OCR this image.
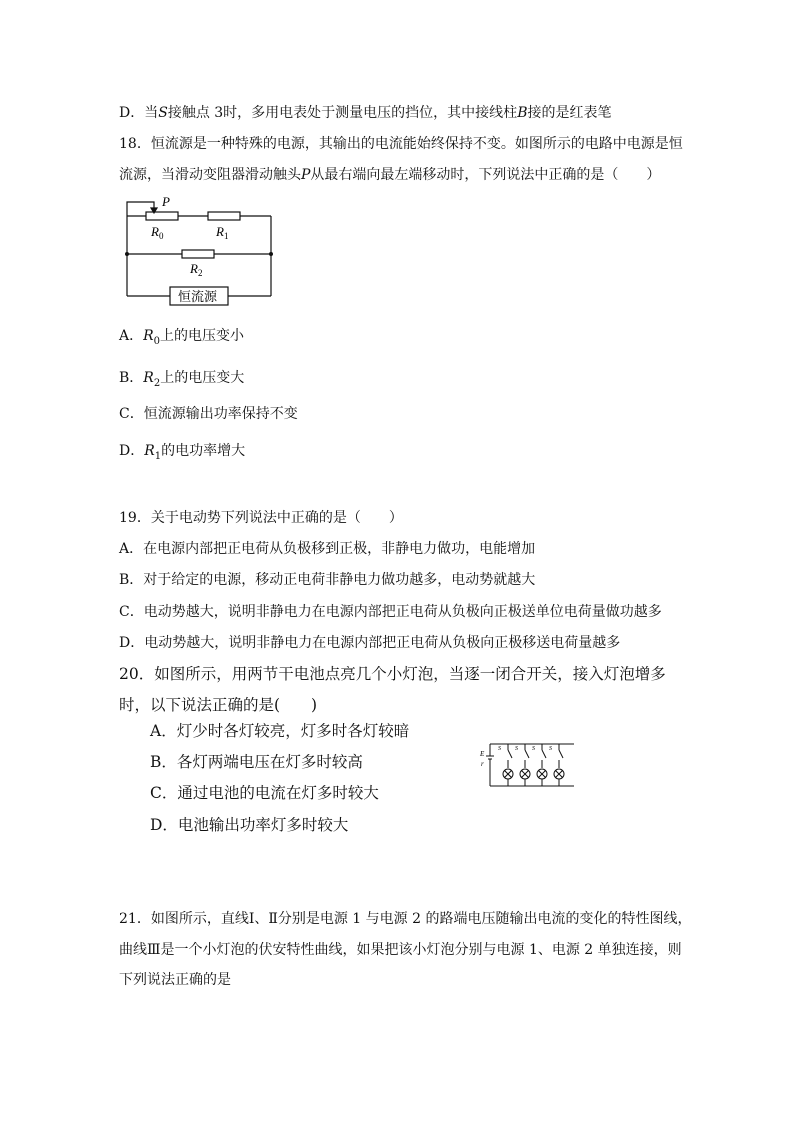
D．当S接触点 3时，多用电表处于测量电压的挡位，其中接线柱B接的是红表笔
18．恒流源是一种特殊的电源，其输出的电流能始终保持不变。如图所示的电路中电源是恒
流源，当滑动变阻器滑动触头P从最右端向最左端移动时，下列说法中正确的是（　　）
P
$R_0$	$R_1$
$R_2$
恒流源
A．$R_0$上的电压变小
B．$R_2$上的电压变大
C．恒流源输出功率保持不变
D．$R_1$的电功率增大
19．关于电动势下列说法中正确的是（　　）
A．在电源内部把正电荷从负极移到正极，非静电力做功，电能增加
B．对于给定的电源，移动正电荷非静电力做功越多，电动势就越大
C．电动势越大，说明非静电力在电源内部把正电荷从负极向正极送单位电荷量做功越多
D．电动势越大，说明非静电力在电源内部把正电荷从负极向正极移送电荷量越多
20．如图所示，用两节干电池点亮几个小灯泡，当逐一闭合开关，接入灯泡增多
时，以下说法正确的是(　　)
A．灯少时各灯较亮，灯多时各灯较暗
B．各灯两端电压在灯多时较高
C．通过电池的电流在灯多时较大
D．电池输出功率灯多时较大
E
r
S S S S
21．如图所示，直线Ⅰ、Ⅱ分别是电源 1 与电源 2 的路端电压随输出电流的变化的特性图线，
曲线Ⅲ是一个小灯泡的伏安特性曲线，如果把该小灯泡分别与电源 1、电源 2 单独连接，则
下列说法正确的是
